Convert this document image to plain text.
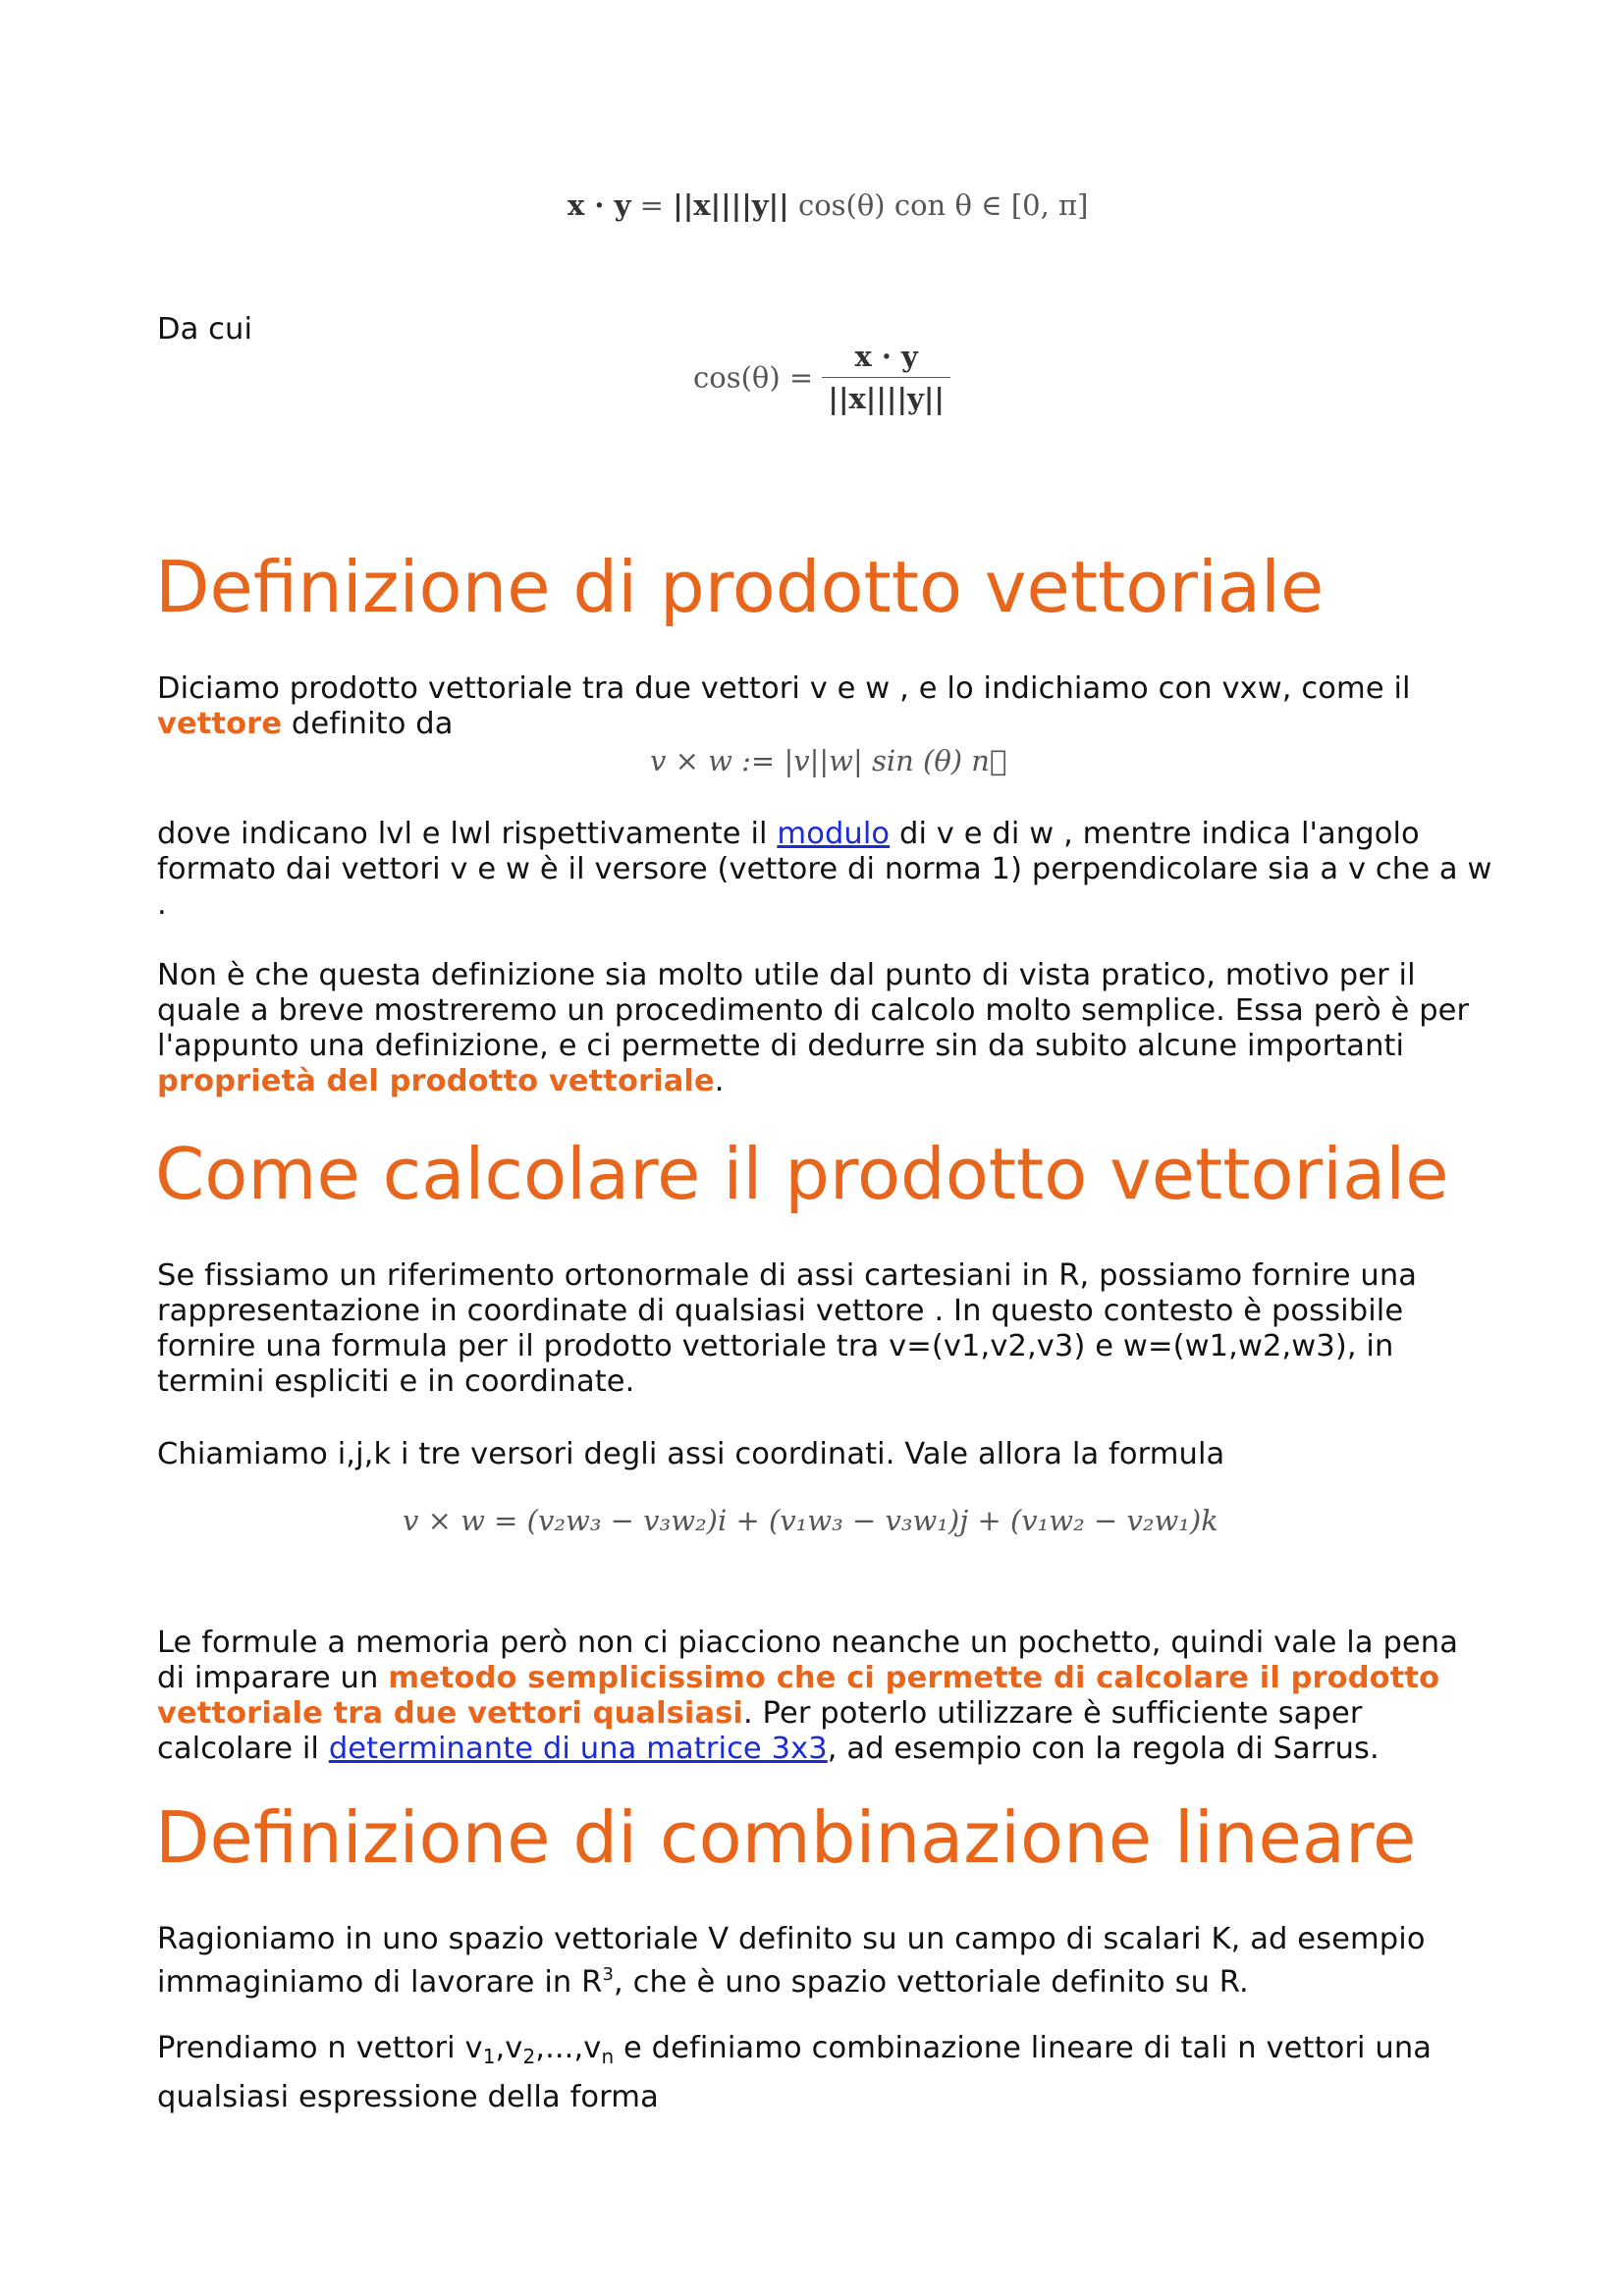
x · y = ||x||||y|| cos(θ) con θ ∈ [0, π]

Da cui

$\cos(\theta) = \frac{x \cdot y}{||x||||y||}$
Definizione di prodotto vettoriale

Diciamo prodotto vettoriale tra due vettori v e w , e lo indichiamo con vxw, come il vettore definito da

v × w := |v||w| sin (θ) n⃗

dove indicano lvl e lwl rispettivamente il modulo di v e di w , mentre indica l'angolo formato dai vettori v e w è il versore (vettore di norma 1) perpendicolare sia a v che a w .

Non è che questa definizione sia molto utile dal punto di vista pratico, motivo per il quale a breve mostreremo un procedimento di calcolo molto semplice. Essa però è per l'appunto una definizione, e ci permette di dedurre sin da subito alcune importanti proprietà del prodotto vettoriale.

Come calcolare il prodotto vettoriale

Se fissiamo un riferimento ortonormale di assi cartesiani in R, possiamo fornire una rappresentazione in coordinate di qualsiasi vettore . In questo contesto è possibile fornire una formula per il prodotto vettoriale tra v=(v1,v2,v3) e w=(w1,w2,w3), in termini espliciti e in coordinate.

Chiamiamo i,j,k i tre versori degli assi coordinati. Vale allora la formula

v × w = (v₂w₃ − v₃w₂)i + (v₁w₃ − v₃w₁)j + (v₁w₂ − v₂w₁)k

Le formule a memoria però non ci piacciono neanche un pochetto, quindi vale la pena di imparare un metodo semplicissimo che ci permette di calcolare il prodotto vettoriale tra due vettori qualsiasi. Per poterlo utilizzare è sufficiente saper calcolare il determinante di una matrice 3x3, ad esempio con la regola di Sarrus.

Definizione di combinazione lineare

Ragioniamo in uno spazio vettoriale V definito su un campo di scalari K, ad esempio immaginiamo di lavorare in $R^3$, che è uno spazio vettoriale definito su R.

Prendiamo n vettori $v_1,v_2,...,v_n$ e definiamo combinazione lineare di tali n vettori una qualsiasi espressione della forma
